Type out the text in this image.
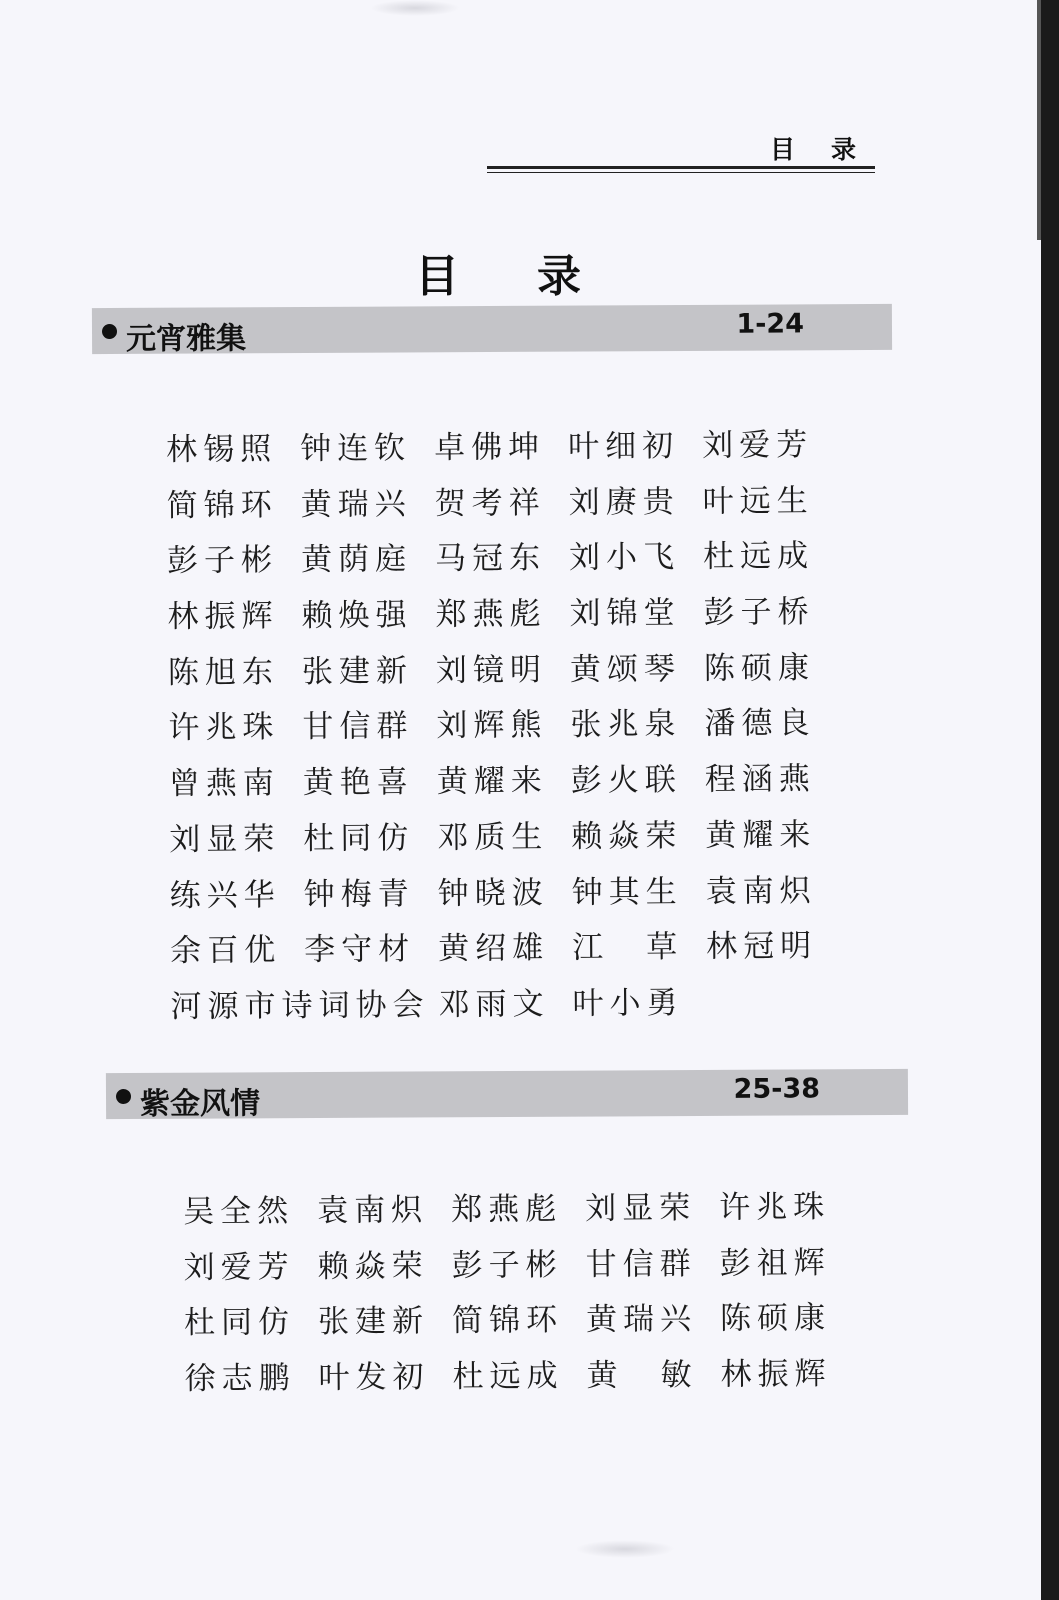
目录
目录
元宵雅集	1-24
林锡照 钟连钦 卓佛坤 叶细初 刘爱芳
简锦环 黄瑞兴 贺考祥 刘赓贵 叶远生
彭子彬 黄荫庭 马冠东 刘小飞 杜远成
林振辉 赖焕强 郑燕彪 刘锦堂 彭子桥
陈旭东 张建新 刘镜明 黄颂琴 陈硕康
许兆珠 甘信群 刘辉熊 张兆泉 潘德良
曾燕南 黄艳喜 黄耀来 彭火联 程涵燕
刘显荣 杜同仿 邓质生 赖焱荣 黄耀来
练兴华 钟梅青 钟晓波 钟其生 袁南炽
余百优 李守材 黄绍雄 江　草 林冠明
河源市诗词协会 邓雨文 叶小勇
紫金风情	25-38
吴全然 袁南炽 郑燕彪 刘显荣 许兆珠
刘爱芳 赖焱荣 彭子彬 甘信群 彭祖辉
杜同仿 张建新 简锦环 黄瑞兴 陈硕康
徐志鹏 叶发初 杜远成 黄　敏 林振辉
